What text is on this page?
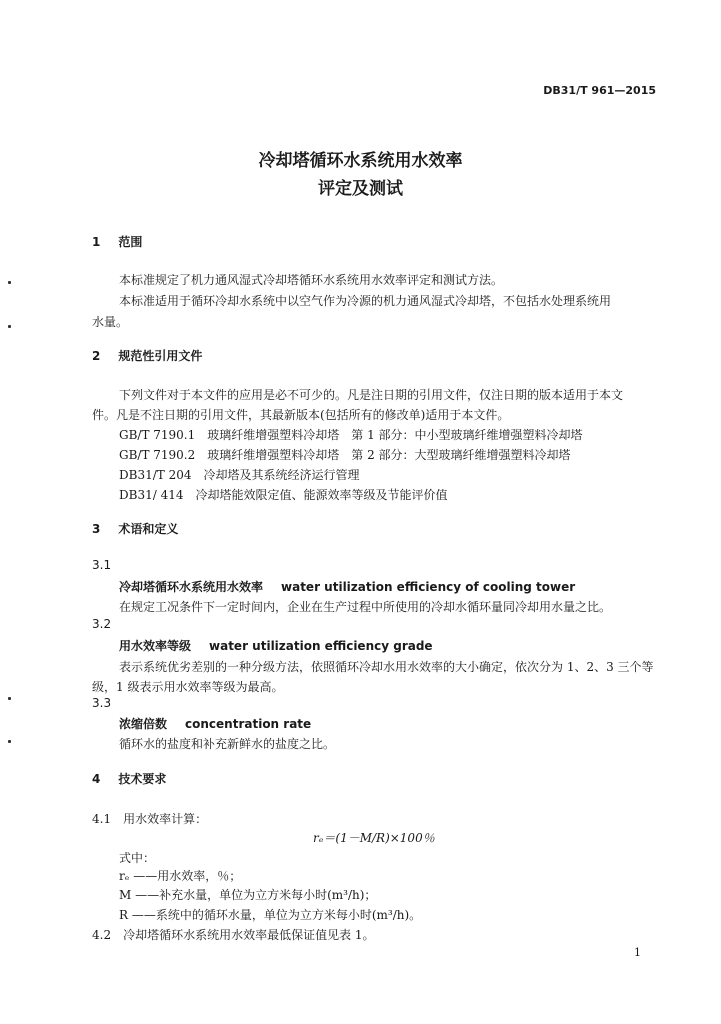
DB31/T 961—2015
冷却塔循环水系统用水效率
评定及测试
1 范围
本标准规定了机力通风湿式冷却塔循环水系统用水效率评定和测试方法。
本标准适用于循环冷却水系统中以空气作为冷源的机力通风湿式冷却塔，不包括水处理系统用
水量。
2 规范性引用文件
下列文件对于本文件的应用是必不可少的。凡是注日期的引用文件，仅注日期的版本适用于本文
件。凡是不注日期的引用文件，其最新版本(包括所有的修改单)适用于本文件。
GB/T 7190.1　玻璃纤维增强塑料冷却塔　第 1 部分：中小型玻璃纤维增强塑料冷却塔
GB/T 7190.2　玻璃纤维增强塑料冷却塔　第 2 部分：大型玻璃纤维增强塑料冷却塔
DB31/T 204　冷却塔及其系统经济运行管理
DB31/ 414　冷却塔能效限定值、能源效率等级及节能评价值
3 术语和定义
3.1
冷却塔循环水系统用水效率 water utilization efficiency of cooling tower
在规定工况条件下一定时间内，企业在生产过程中所使用的冷却水循环量同冷却用水量之比。
3.2
用水效率等级 water utilization efficiency grade
表示系统优劣差别的一种分级方法，依照循环冷却水用水效率的大小确定，依次分为 1、2、3 三个等
级，1 级表示用水效率等级为最高。
3.3
浓缩倍数 concentration rate
循环水的盐度和补充新鲜水的盐度之比。
4 技术要求
4.1 用水效率计算：
rₑ＝(1－M/R)×100％
式中：
rₑ ——用水效率，％；
M ——补充水量，单位为立方米每小时(m³/h)；
R ——系统中的循环水量，单位为立方米每小时(m³/h)。
4.2 冷却塔循环水系统用水效率最低保证值见表 1。
1
